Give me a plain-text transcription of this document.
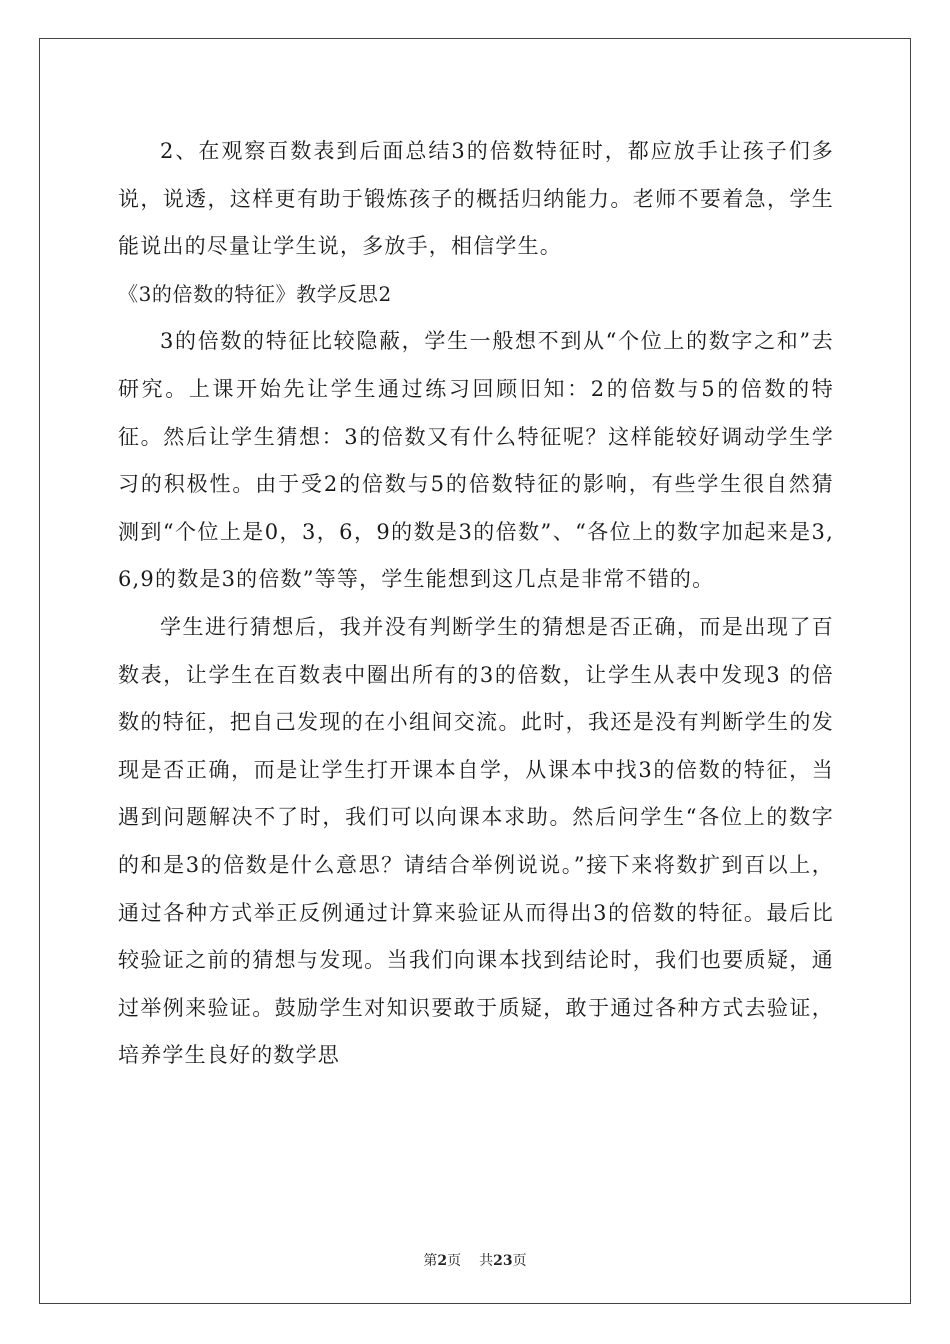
2、在观察百数表到后面总结3的倍数特征时，都应放手让孩子们多说，说透，这样更有助于锻炼孩子的概括归纳能力。老师不要着急，学生能说出的尽量让学生说，多放手，相信学生。

《3的倍数的特征》教学反思2

3的倍数的特征比较隐蔽，学生一般想不到从“个位上的数字之和”去研究。上课开始先让学生通过练习回顾旧知：2的倍数与5的倍数的特征。然后让学生猜想：3的倍数又有什么特征呢？这样能较好调动学生学习的积极性。由于受2的倍数与5的倍数特征的影响，有些学生很自然猜测到“个位上是0，3，6，9的数是3的倍数”、“各位上的数字加起来是3,6,9的数是3的倍数”等等，学生能想到这几点是非常不错的。

学生进行猜想后，我并没有判断学生的猜想是否正确，而是出现了百数表，让学生在百数表中圈出所有的3的倍数，让学生从表中发现3 的倍数的特征，把自己发现的在小组间交流。此时，我还是没有判断学生的发现是否正确，而是让学生打开课本自学，从课本中找3的倍数的特征，当遇到问题解决不了时，我们可以向课本求助。然后问学生“各位上的数字的和是3的倍数是什么意思？请结合举例说说。”接下来将数扩到百以上，通过各种方式举正反例通过计算来验证从而得出3的倍数的特征。最后比较验证之前的猜想与发现。当我们向课本找到结论时，我们也要质疑，通过举例来验证。鼓励学生对知识要敢于质疑，敢于通过各种方式去验证，培养学生良好的数学思

第2页 共23页
